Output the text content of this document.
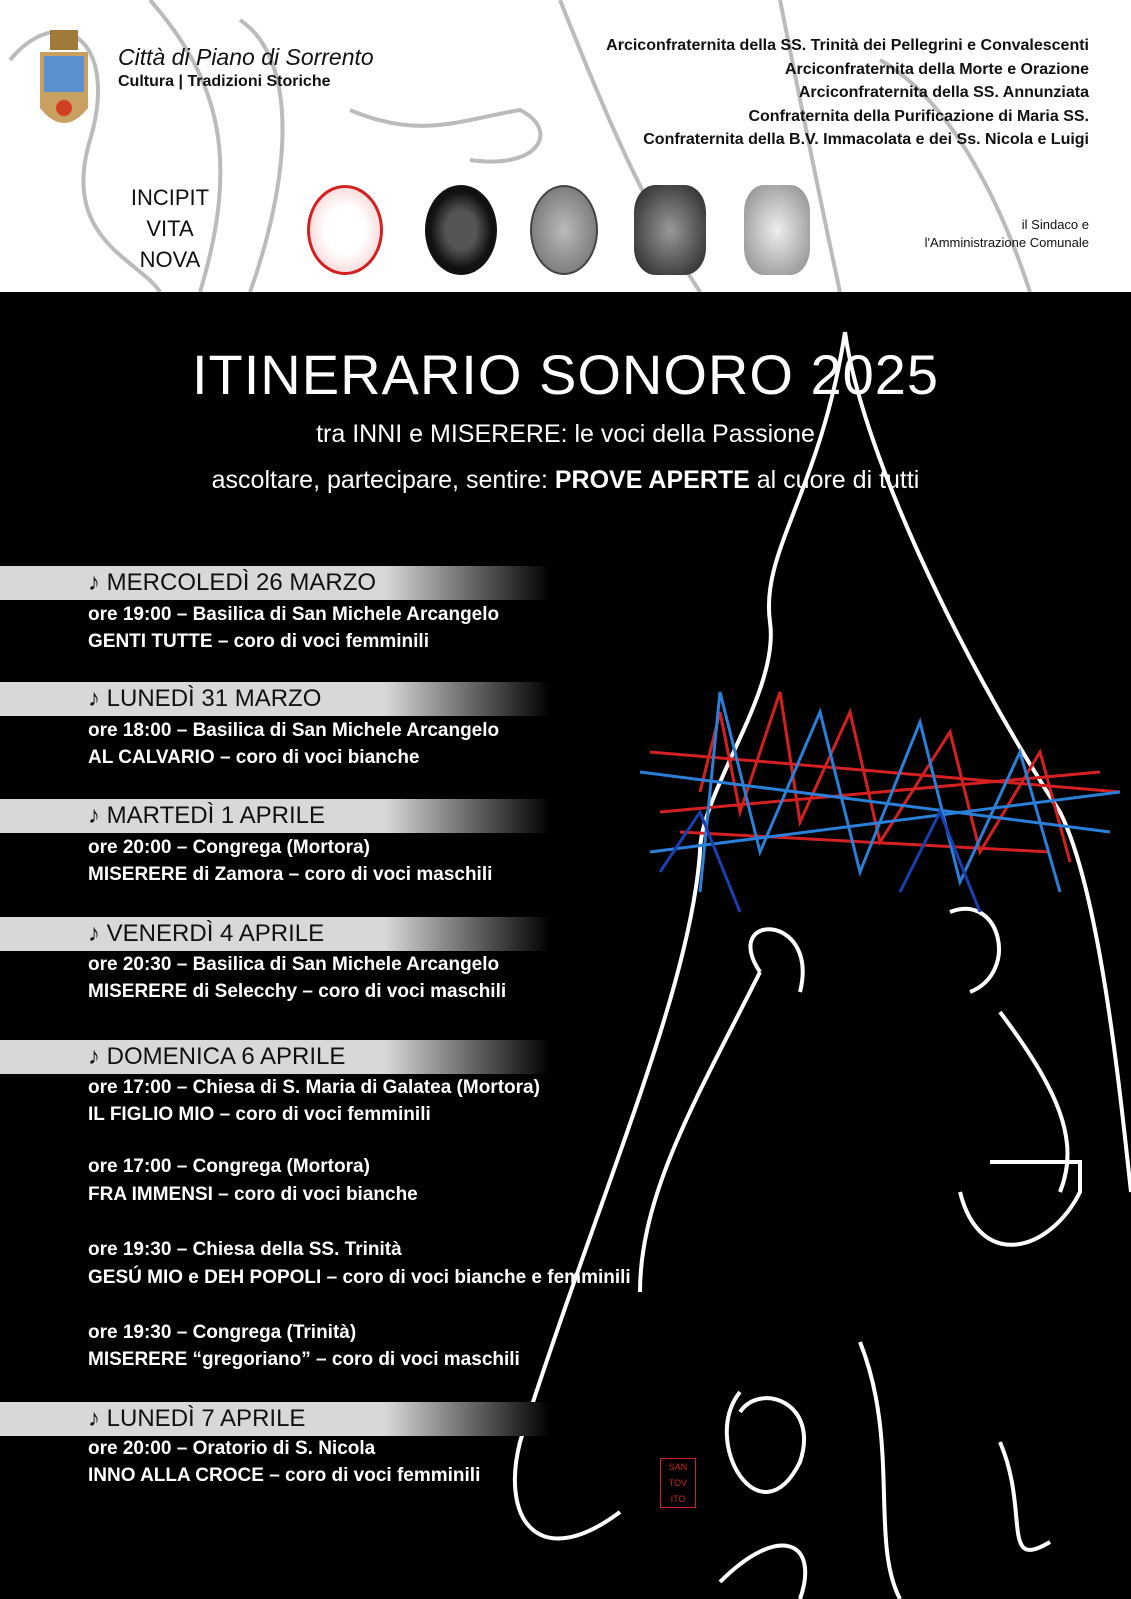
Città di Piano di Sorrento
Cultura | Tradizioni Storiche
Arciconfraternita della SS. Trinità dei Pellegrini e Convalescenti
Arciconfraternita della Morte e Orazione
Arciconfraternita della SS. Annunziata
Confraternita della Purificazione di Maria SS.
Confraternita della B.V. Immacolata e dei Ss. Nicola e Luigi
INCIPIT
VITA
NOVA
il Sindaco e
l'Amministrazione Comunale
ITINERARIO SONORO 2025
tra INNI e MISERERE: le voci della Passione
ascoltare, partecipare, sentire: PROVE APERTE al cuore di tutti
♪ MERCOLEDÌ 26 MARZO
ore 19:00 – Basilica di San Michele Arcangelo
GENTI TUTTE – coro di voci femminili
♪ LUNEDÌ 31 MARZO
ore 18:00 – Basilica di San Michele Arcangelo
AL CALVARIO – coro di voci bianche
♪ MARTEDÌ 1 APRILE
ore 20:00 – Congrega (Mortora)
MISERERE di Zamora – coro di voci maschili
♪ VENERDÌ 4 APRILE
ore 20:30 – Basilica di San Michele Arcangelo
MISERERE di Selecchy – coro di voci maschili
♪ DOMENICA 6 APRILE
ore 17:00 – Chiesa di S. Maria di Galatea (Mortora)
IL FIGLIO MIO – coro di voci femminili
ore 17:00 – Congrega (Mortora)
FRA IMMENSI – coro di voci bianche
ore 19:30 – Chiesa della SS. Trinità
GESÚ MIO e DEH POPOLI – coro di voci bianche e femminili
ore 19:30 – Congrega (Trinità)
MISERERE “gregoriano” – coro di voci maschili
♪ LUNEDÌ 7 APRILE
ore 20:00 – Oratorio di S. Nicola
INNO ALLA CROCE – coro di voci femminili	SAN TOV ITO
